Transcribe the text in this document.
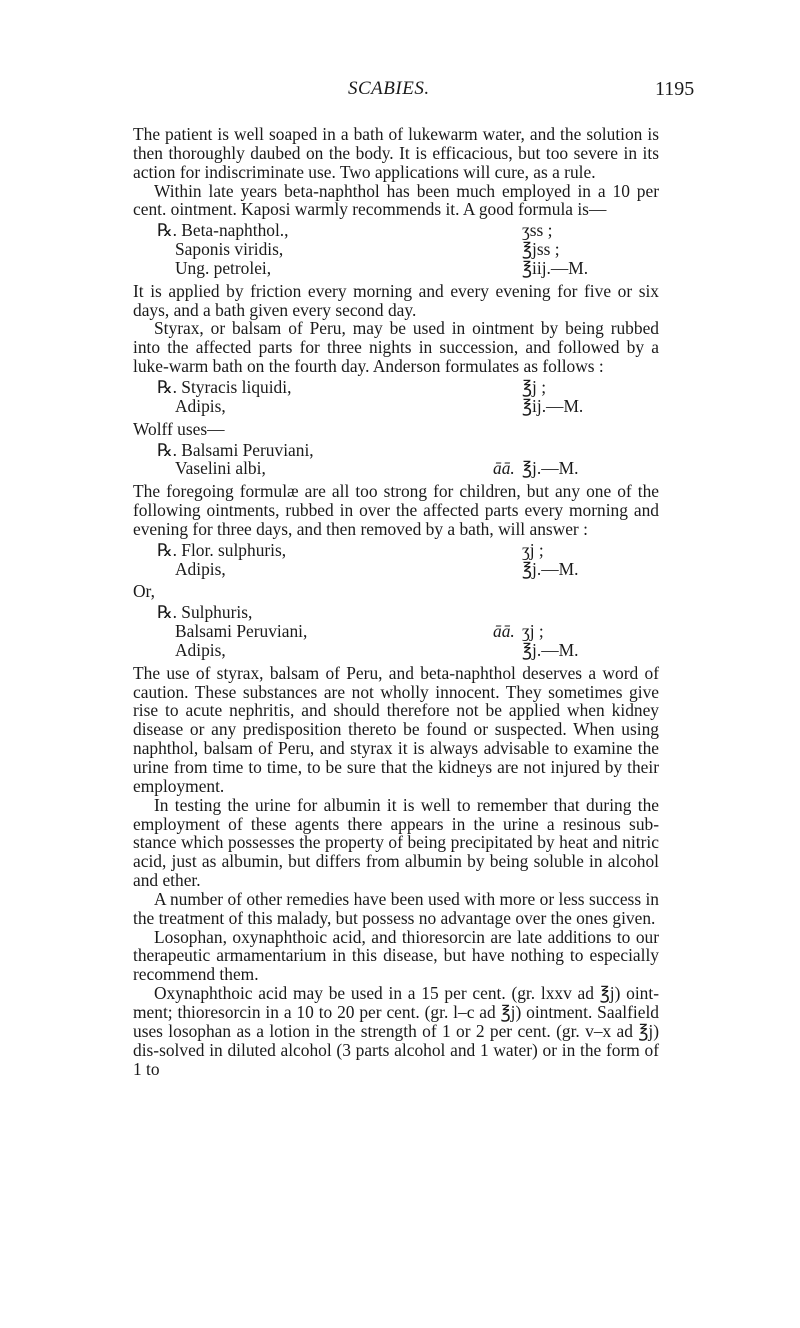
SCABIES.	1195

The patient is well soaped in a bath of lukewarm water, and the solution is then thoroughly daubed on the body. It is efficacious, but too severe in its action for indiscriminate use. Two applications will cure, as a rule.

Within late years beta-naphthol has been much employed in a 10 per cent. ointment. Kaposi warmly recommends it. A good formula is—

℞. Beta-naphthol.,	ʒss ;
Saponis viridis,	℥jss ;
Ung. petrolei,	℥iij.—M.

It is applied by friction every morning and every evening for five or six days, and a bath given every second day.

Styrax, or balsam of Peru, may be used in ointment by being rubbed into the affected parts for three nights in succession, and followed by a luke-warm bath on the fourth day. Anderson formulates as follows :

℞. Styracis liquidi,	℥j ;
Adipis,	℥ij.—M.

Wolff uses—

℞. Balsami Peruviani,
Vaselini albi,	āā. ℥j.—M.

The foregoing formulæ are all too strong for children, but any one of the following ointments, rubbed in over the affected parts every morning and evening for three days, and then removed by a bath, will answer :

℞. Flor. sulphuris,	ʒj ;
Adipis,	℥j.—M.

Or,

℞. Sulphuris,
Balsami Peruviani,	āā. ʒj ;
Adipis,	℥j.—M.

The use of styrax, balsam of Peru, and beta-naphthol deserves a word of caution. These substances are not wholly innocent. They sometimes give rise to acute nephritis, and should therefore not be applied when kidney disease or any predisposition thereto be found or suspected. When using naphthol, balsam of Peru, and styrax it is always advisable to examine the urine from time to time, to be sure that the kidneys are not injured by their employment.

In testing the urine for albumin it is well to remember that during the employment of these agents there appears in the urine a resinous sub-stance which possesses the property of being precipitated by heat and nitric acid, just as albumin, but differs from albumin by being soluble in alcohol and ether.

A number of other remedies have been used with more or less success in the treatment of this malady, but possess no advantage over the ones given.

Losophan, oxynaphthoic acid, and thioresorcin are late additions to our therapeutic armamentarium in this disease, but have nothing to especially recommend them.

Oxynaphthoic acid may be used in a 15 per cent. (gr. lxxv ad ℥j) oint-ment; thioresorcin in a 10 to 20 per cent. (gr. l–c ad ℥j) ointment. Saalfield uses losophan as a lotion in the strength of 1 or 2 per cent. (gr. v–x ad ℥j) dis-solved in diluted alcohol (3 parts alcohol and 1 water) or in the form of 1 to
